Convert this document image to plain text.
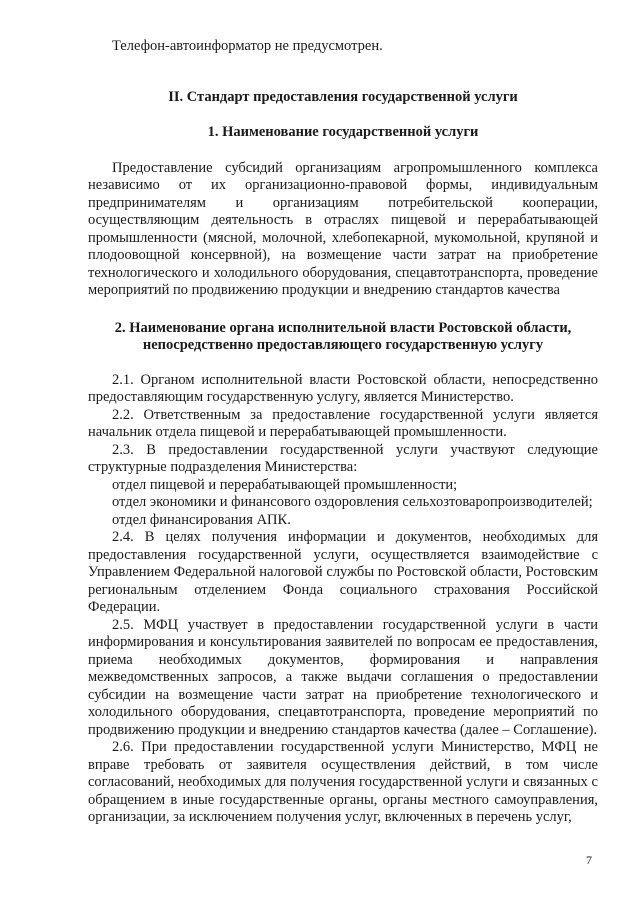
Телефон-автоинформатор не предусмотрен.

II. Стандарт предоставления государственной услуги

1. Наименование государственной услуги

Предоставление субсидий организациям агропромышленного комплекса независимо от их организационно-правовой формы, индивидуальным предпринимателям и организациям потребительской кооперации, осуществляющим деятельность в отраслях пищевой и перерабатывающей промышленности (мясной, молочной, хлебопекарной, мукомольной, крупяной и плодоовощной консервной), на возмещение части затрат на приобретение технологического и холодильного оборудования, спецавтотранспорта, проведение мероприятий по продвижению продукции и внедрению стандартов качества

2. Наименование органа исполнительной власти Ростовской области, непосредственно предоставляющего государственную услугу

2.1. Органом исполнительной власти Ростовской области, непосредственно предоставляющим государственную услугу, является Министерство.

2.2. Ответственным за предоставление государственной услуги является начальник отдела пищевой и перерабатывающей промышленности.

2.3. В предоставлении государственной услуги участвуют следующие структурные подразделения Министерства:

отдел пищевой и перерабатывающей промышленности;

отдел экономики и финансового оздоровления сельхозтоваропроизводителей;

отдел финансирования АПК.

2.4. В целях получения информации и документов, необходимых для предоставления государственной услуги, осуществляется взаимодействие с Управлением Федеральной налоговой службы по Ростовской области, Ростовским региональным отделением Фонда социального страхования Российской Федерации.

2.5. МФЦ участвует в предоставлении государственной услуги в части информирования и консультирования заявителей по вопросам ее предоставления, приема необходимых документов, формирования и направления межведомственных запросов, а также выдачи соглашения о предоставлении субсидии на возмещение части затрат на приобретение технологического и холодильного оборудования, спецавтотранспорта, проведение мероприятий по продвижению продукции и внедрению стандартов качества (далее – Соглашение).

2.6. При предоставлении государственной услуги Министерство, МФЦ не вправе требовать от заявителя осуществления действий, в том числе согласований, необходимых для получения государственной услуги и связанных с обращением в иные государственные органы, органы местного самоуправления, организации, за исключением получения услуг, включенных в перечень услуг,

7
